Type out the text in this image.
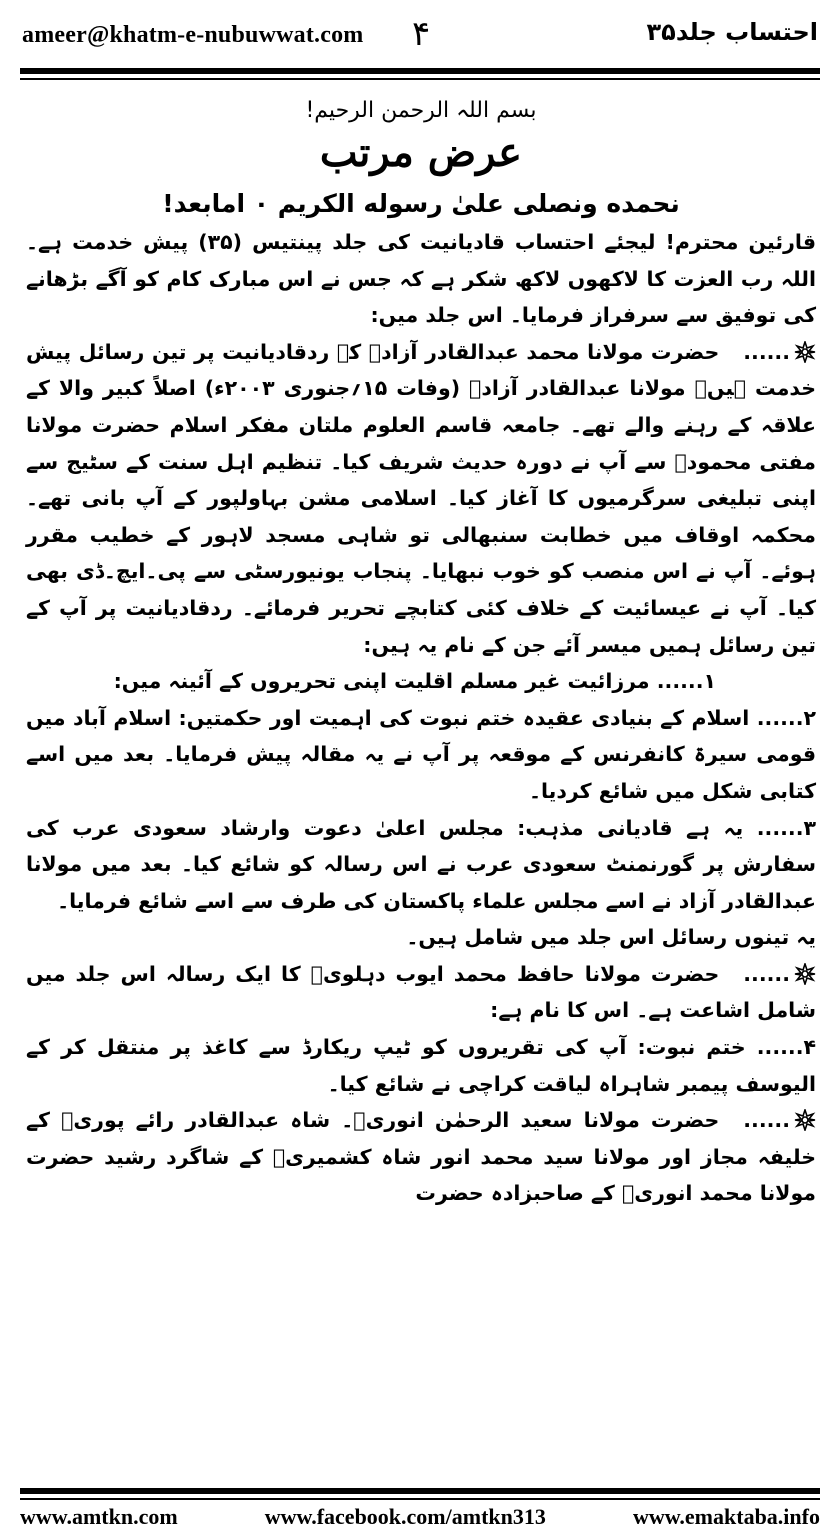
ameer@khatm-e-nubuwwat.com ۴	احتساب جلد۳۵
بسم اللہ الرحمن الرحیم!
عرض مرتب
نحمده ونصلی علیٰ رسوله الکریم ۰ امابعد!

قارئین محترم! لیجئے احتساب قادیانیت کی جلد پینتیس (۳۵) پیش خدمت ہے۔ اللہ رب العزت کا لاکھوں لاکھ شکر ہے کہ جس نے اس مبارک کام کو آگے بڑھانے کی توفیق سے سرفراز فرمایا۔ اس جلد میں:

......حضرت مولانا محمد عبدالقادر آزادؒ کے ردقادیانیت پر تین رسائل پیش خدمت ہیں۔ مولانا عبدالقادر آزادؒ (وفات ۱۵؍جنوری ۲۰۰۳ء) اصلاً کبیر والا کے علاقہ کے رہنے والے تھے۔ جامعہ قاسم العلوم ملتان مفکر اسلام حضرت مولانا مفتی محمودؒ سے آپ نے دورہ حدیث شریف کیا۔ تنظیم اہل سنت کے سٹیج سے اپنی تبلیغی سرگرمیوں کا آغاز کیا۔ اسلامی مشن بہاولپور کے آپ بانی تھے۔ محکمہ اوقاف میں خطابت سنبھالی تو شاہی مسجد لاہور کے خطیب مقرر ہوئے۔ آپ نے اس منصب کو خوب نبھایا۔ پنجاب یونیورسٹی سے پی۔ایچ۔ڈی بھی کیا۔ آپ نے عیسائیت کے خلاف کئی کتابچے تحریر فرمائے۔ ردقادیانیت پر آپ کے تین رسائل ہمیں میسر آئے جن کے نام یہ ہیں:

۱...... مرزائیت غیر مسلم اقلیت اپنی تحریروں کے آئینہ میں:

۲...... اسلام کے بنیادی عقیدہ ختم نبوت کی اہمیت اور حکمتیں: اسلام آباد میں قومی سیرۃ کانفرنس کے موقعہ پر آپ نے یہ مقالہ پیش فرمایا۔ بعد میں اسے کتابی شکل میں شائع کردیا۔

۳...... یہ ہے قادیانی مذہب: مجلس اعلیٰ دعوت وارشاد سعودی عرب کی سفارش پر گورنمنٹ سعودی عرب نے اس رسالہ کو شائع کیا۔ بعد میں مولانا عبدالقادر آزاد نے اسے مجلس علماء پاکستان کی طرف سے اسے شائع فرمایا۔

یہ تینوں رسائل اس جلد میں شامل ہیں۔

......حضرت مولانا حافظ محمد ایوب دہلویؒ کا ایک رسالہ اس جلد میں شامل اشاعت ہے۔ اس کا نام ہے:

۴...... ختم نبوت: آپ کی تقریروں کو ٹیپ ریکارڈ سے کاغذ پر منتقل کر کے الیوسف پیمبر شاہراہ لیاقت کراچی نے شائع کیا۔

......حضرت مولانا سعید الرحمٰن انوریؒ۔ شاہ عبدالقادر رائے پوریؒ کے خلیفہ مجاز اور مولانا سید محمد انور شاہ کشمیریؒ کے شاگرد رشید حضرت مولانا محمد انوریؒ کے صاحبزادہ حضرت

www.amtkn.com	www.facebook.com/amtkn313	www.emaktaba.info
